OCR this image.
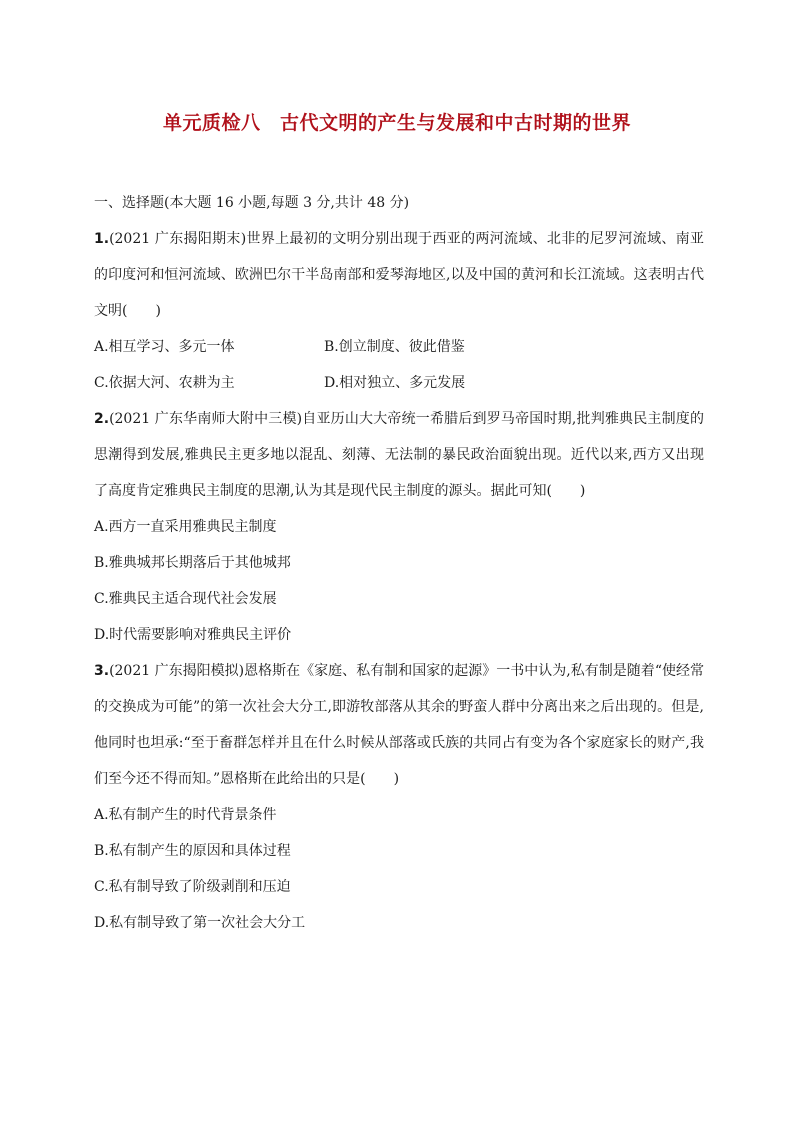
单元质检八　古代文明的产生与发展和中古时期的世界

一、选择题(本大题 16 小题,每题 3 分,共计 48 分)

1.(2021 广东揭阳期末)世界上最初的文明分别出现于西亚的两河流域、北非的尼罗河流域、南亚的印度河和恒河流域、欧洲巴尔干半岛南部和爱琴海地区,以及中国的黄河和长江流域。这表明古代文明(　　)

A.相互学习、多元一体	B.创立制度、彼此借鉴
C.依据大河、农耕为主	D.相对独立、多元发展

2.(2021 广东华南师大附中三模)自亚历山大大帝统一希腊后到罗马帝国时期,批判雅典民主制度的思潮得到发展,雅典民主更多地以混乱、刻薄、无法制的暴民政治面貌出现。近代以来,西方又出现了高度肯定雅典民主制度的思潮,认为其是现代民主制度的源头。据此可知(　　)

A.西方一直采用雅典民主制度

B.雅典城邦长期落后于其他城邦

C.雅典民主适合现代社会发展

D.时代需要影响对雅典民主评价

3.(2021 广东揭阳模拟)恩格斯在《家庭、私有制和国家的起源》一书中认为,私有制是随着“使经常的交换成为可能”的第一次社会大分工,即游牧部落从其余的野蛮人群中分离出来之后出现的。但是,他同时也坦承:“至于畜群怎样并且在什么时候从部落或氏族的共同占有变为各个家庭家长的财产,我们至今还不得而知。”恩格斯在此给出的只是(　　)

A.私有制产生的时代背景条件

B.私有制产生的原因和具体过程

C.私有制导致了阶级剥削和压迫

D.私有制导致了第一次社会大分工
